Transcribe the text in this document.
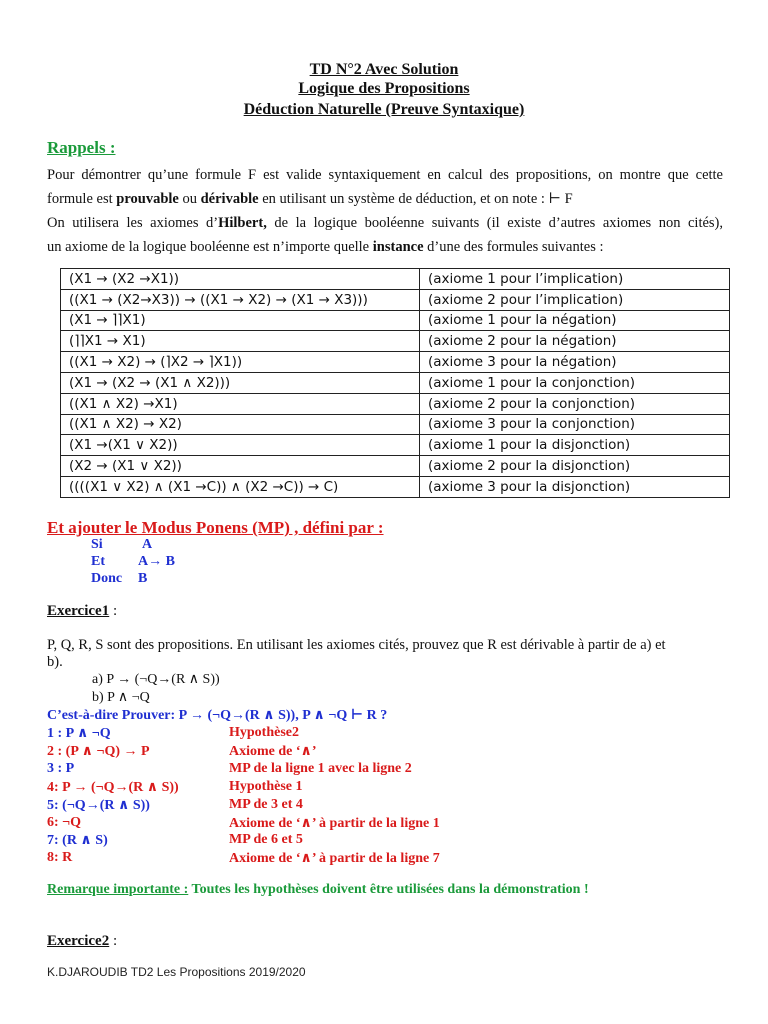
TD N°2 Avec Solution
Logique des Propositions
Déduction Naturelle (Preuve Syntaxique)
Rappels :
Pour démontrer qu’une formule F est valide syntaxiquement en calcul des propositions, on montre que cette
formule est prouvable ou dérivable en utilisant un système de déduction, et on note : ⊢ F
On utilisera les axiomes d’Hilbert, de la logique booléenne suivants (il existe d’autres axiomes non cités),
un axiome de la logique booléenne est n’importe quelle instance d’une des formules suivantes :
(X1 → (X2 →X1))	(axiome 1 pour l’implication)
((X1 → (X2→X3)) → ((X1 → X2) → (X1 → X3)))	(axiome 2 pour l’implication)
(X1 → ⌉⌉X1)	(axiome 1 pour la négation)
(⌉⌉X1 → X1)	(axiome 2 pour la négation)
((X1 → X2) → (⌉X2 → ⌉X1))	(axiome 3 pour la négation)
(X1 → (X2 → (X1 ∧ X2)))	(axiome 1 pour la conjonction)
((X1 ∧ X2) →X1)	(axiome 2 pour la conjonction)
((X1 ∧ X2) → X2)	(axiome 3 pour la conjonction)
(X1 →(X1 ∨ X2))	(axiome 1 pour la disjonction)
(X2 → (X1 ∨ X2))	(axiome 2 pour la disjonction)
((((X1 ∨ X2) ∧ (X1 →C)) ∧ (X2 →C)) → C)	(axiome 3 pour la disjonction)
Et ajouter le Modus Ponens (MP) , défini par :
Si	A
Et A→ B
Donc B
Exercice1 :
P, Q, R, S sont des propositions. En utilisant les axiomes cités, prouvez que R est dérivable à partir de a) et
b).
a) P → (¬Q→(R ∧ S))
b) P ∧ ¬Q
C’est-à-dire Prouver: P → (¬Q→(R ∧ S)), P ∧ ¬Q ⊢ R ?
1 : P ∧ ¬Q	Hypothèse2
2 : (P ∧ ¬Q) → P	Axiome de ‘∧’
3 : P	MP de la ligne 1 avec la ligne 2
4: P → (¬Q→(R ∧ S))	Hypothèse 1
5: (¬Q→(R ∧ S))	MP de 3 et 4
6: ¬Q	Axiome de ‘∧’ à partir de la ligne 1
7: (R ∧ S)	MP de 6 et 5
8: R	Axiome de ‘∧’ à partir de la ligne 7
Remarque importante : Toutes les hypothèses doivent être utilisées dans la démonstration !
Exercice2 :
K.DJAROUDIB TD2 Les Propositions 2019/2020
